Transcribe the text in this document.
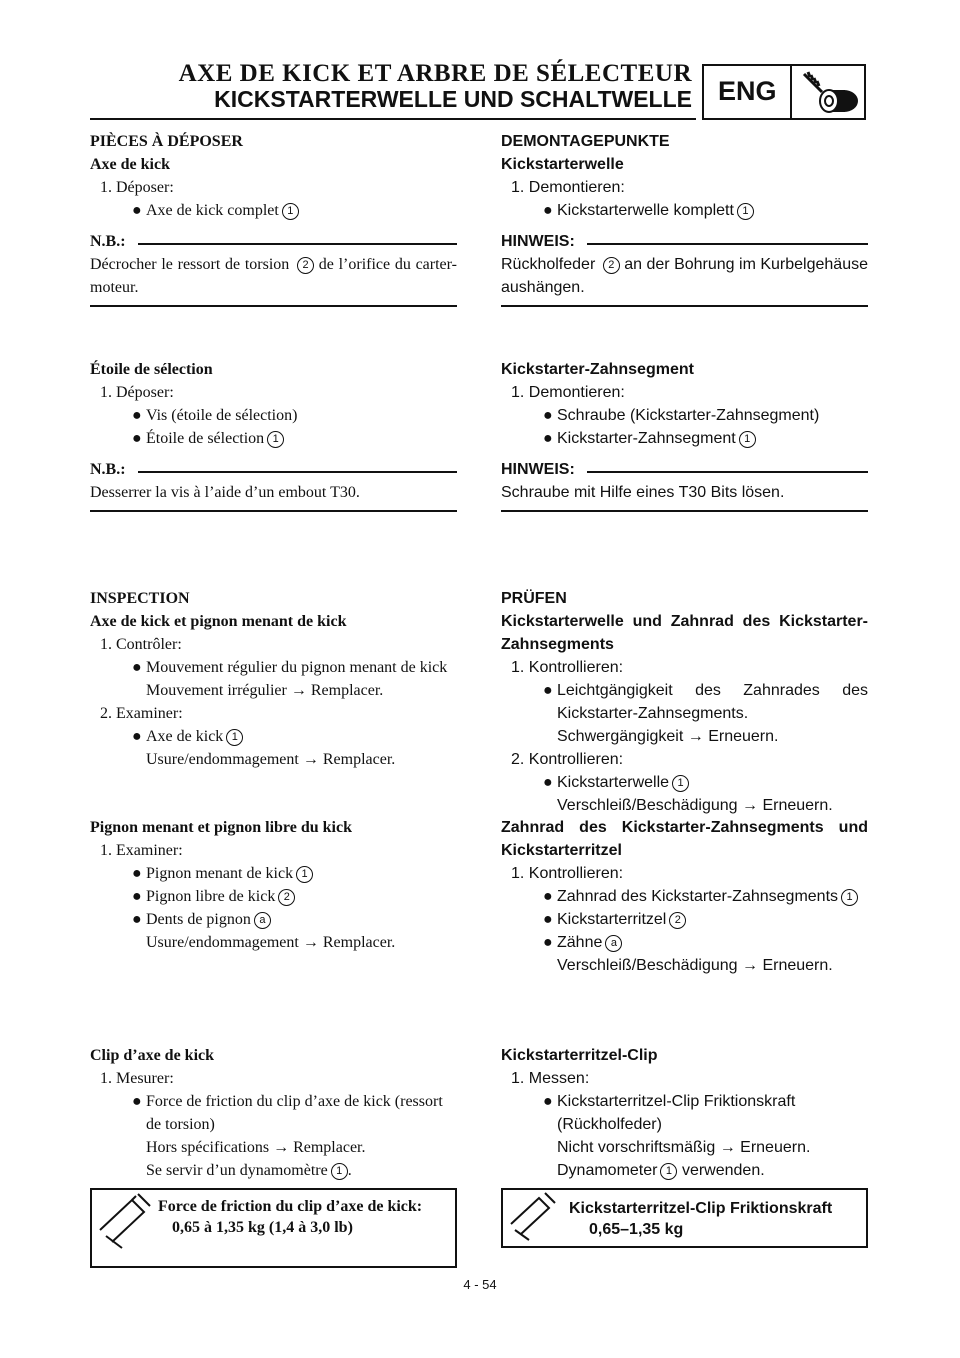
AXE DE KICK ET ARBRE DE SÉLECTEUR
KICKSTARTERWELLE UND SCHALTWELLE ENG
PIÈCES À DÉPOSER
Axe de kick
1. Déposer:
● Axe de kick complet 1
N.B.:
Décrocher le ressort de torsion 2 de l’orifice du carter-moteur.
Étoile de sélection
1. Déposer:
● Vis (étoile de sélection)
● Étoile de sélection 1
N.B.:
Desserrer la vis à l’aide d’un embout T30.
INSPECTION
Axe de kick et pignon menant de kick
1. Contrôler:
● Mouvement régulier du pignon menant de kick
Mouvement irrégulier → Remplacer.
2. Examiner:
● Axe de kick 1
Usure/endommagement → Remplacer.
Pignon menant et pignon libre du kick
1. Examiner:
● Pignon menant de kick 1
● Pignon libre de kick 2
● Dents de pignon a
Usure/endommagement → Remplacer.
Clip d’axe de kick
1. Mesurer:
● Force de friction du clip d’axe de kick (ressort de torsion)
Hors spécifications → Remplacer.
Se servir d’un dynamomètre 1 .
Force de friction du clip d’axe de kick:
0,65 à 1,35 kg (1,4 à 3,0 lb)
DEMONTAGEPUNKTE
Kickstarterwelle
1. Demontieren:
● Kickstarterwelle komplett 1
HINWEIS:
Rückholfeder 2 an der Bohrung im Kurbelgehäuse aushängen.
Kickstarter-Zahnsegment
1. Demontieren:
● Schraube (Kickstarter-Zahnsegment)
● Kickstarter-Zahnsegment 1
HINWEIS:
Schraube mit Hilfe eines T30 Bits lösen.
PRÜFEN
Kickstarterwelle und Zahnrad des Kickstarter-Zahnsegments
1. Kontrollieren:
● Leichtgängigkeit des Zahnrades des Kickstarter-Zahnsegments.
Schwergängigkeit → Erneuern.
2. Kontrollieren:
● Kickstarterwelle 1
Verschleiß/Beschädigung → Erneuern.
Zahnrad des Kickstarter-Zahnsegments und Kickstarterritzel
1. Kontrollieren:
● Zahnrad des Kickstarter-Zahnsegments 1
● Kickstarterritzel 2
● Zähne a
Verschleiß/Beschädigung → Erneuern.
Kickstarterritzel-Clip
1. Messen:
● Kickstarterritzel-Clip Friktionskraft (Rückholfeder)
Nicht vorschriftsmäßig → Erneuern.
Dynamometer 1 verwenden.
Kickstarterritzel-Clip Friktionskraft
0,65–1,35 kg
4 - 54
